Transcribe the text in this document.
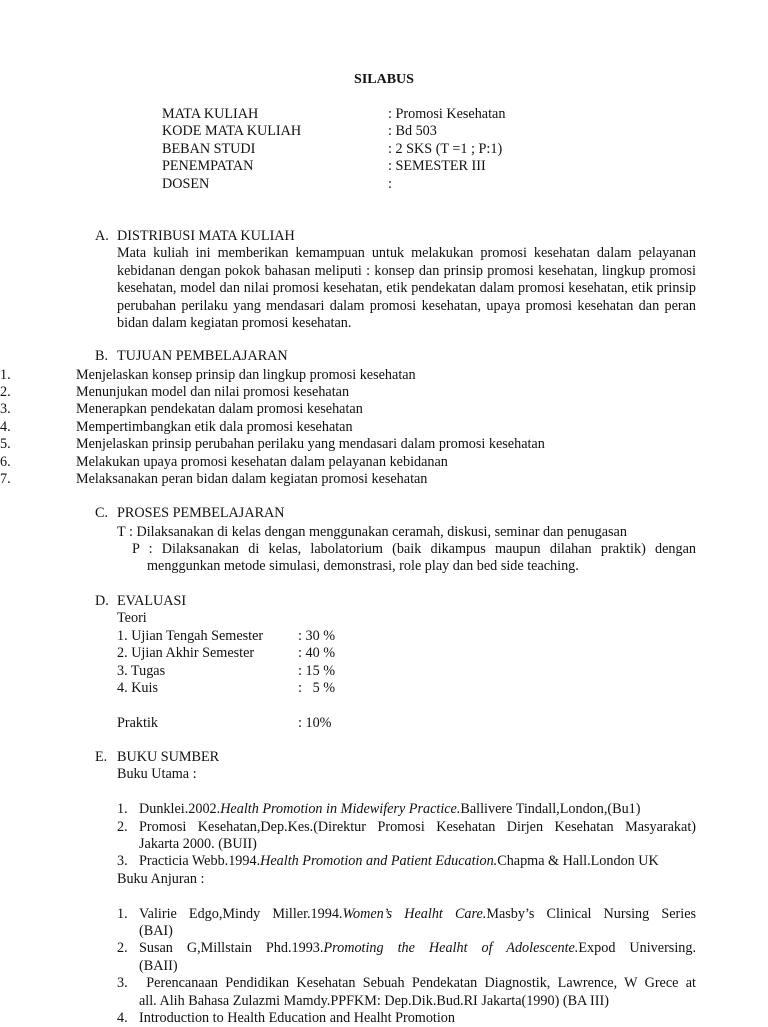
SILABUS
MATA KULIAH	: Promosi Kesehatan
KODE MATA KULIAH	: Bd 503
BEBAN STUDI	: 2 SKS (T =1 ; P:1)
PENEMPATAN	: SEMESTER III
DOSEN	:
A. DISTRIBUSI MATA KULIAH
Mata kuliah ini memberikan kemampuan untuk melakukan promosi kesehatan dalam pelayanan kebidanan dengan pokok bahasan meliputi : konsep dan prinsip promosi kesehatan, lingkup promosi kesehatan, model dan nilai promosi kesehatan, etik pendekatan dalam promosi kesehatan, etik prinsip perubahan perilaku yang mendasari dalam promosi kesehatan, upaya promosi kesehatan dan peran bidan dalam kegiatan promosi kesehatan.
B. TUJUAN PEMBELAJARAN
1.	Menjelaskan konsep prinsip dan lingkup promosi kesehatan
2.	Menunjukan model dan nilai promosi kesehatan
3.	Menerapkan pendekatan dalam promosi kesehatan
4.	Mempertimbangkan etik dala promosi kesehatan
5.	Menjelaskan prinsip perubahan perilaku yang mendasari dalam promosi kesehatan
6.	Melakukan upaya promosi kesehatan dalam pelayanan kebidanan
7.	Melaksanakan peran bidan dalam kegiatan promosi kesehatan
C. PROSES PEMBELAJARAN
T : Dilaksanakan di kelas dengan menggunakan ceramah, diskusi, seminar dan penugasan
P : Dilaksanakan di kelas, labolatorium (baik dikampus maupun dilahan praktik) dengan
menggunkan metode simulasi, demonstrasi, role play dan bed side teaching.
D. EVALUASI
Teori
1. Ujian Tengah Semester : 30 %
2. Ujian Akhir Semester	: 40 %
3. Tugas	: 15 %
4. Kuis	:   5 %
Praktik	: 10%
E. BUKU SUMBER
Buku Utama :
1. Dunklei.2002.Health Promotion in Midewifery Practice.Ballivere Tindall,London,(Bu1)
2. Promosi Kesehatan,Dep.Kes.(Direktur Promosi Kesehatan Dirjen Kesehatan Masyarakat)
Jakarta 2000. (BUII)
3. Practicia Webb.1994.Health Promotion and Patient Education.Chapma & Hall.London UK
Buku Anjuran :
1. Valirie Edgo,Mindy Miller.1994.Women’s Healht Care.Masby’s Clinical Nursing Series
(BAI)
2. Susan G,Millstain Phd.1993.Promoting the Healht of Adolescente.Expod Universing.
(BAII)
3. Perencanaan Pendidikan Kesehatan Sebuah Pendekatan Diagnostik, Lawrence, W Grece at
all. Alih Bahasa Zulazmi Mamdy.PPFKM: Dep.Dik.Bud.RI Jakarta(1990) (BA III)
4. Introduction to Health Education and Healht Promotion
